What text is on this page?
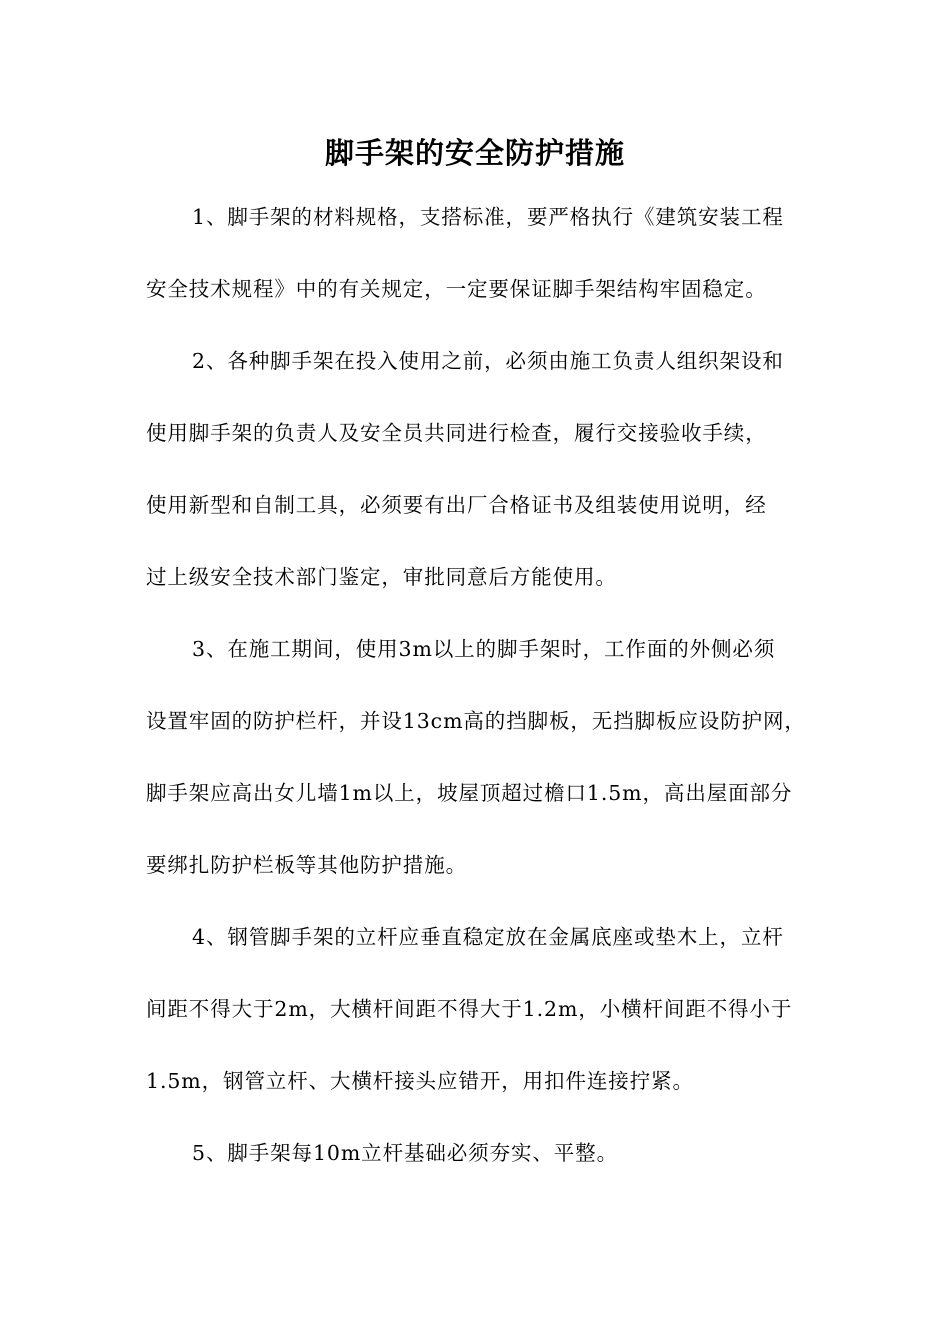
脚手架的安全防护措施
1、脚手架的材料规格，支搭标准，要严格执行《建筑安装工程
安全技术规程》中的有关规定，一定要保证脚手架结构牢固稳定。
2、各种脚手架在投入使用之前，必须由施工负责人组织架设和
使用脚手架的负责人及安全员共同进行检查，履行交接验收手续，
使用新型和自制工具，必须要有出厂合格证书及组装使用说明，经
过上级安全技术部门鉴定，审批同意后方能使用。
3、在施工期间，使用3m以上的脚手架时，工作面的外侧必须
设置牢固的防护栏杆，并设13cm高的挡脚板，无挡脚板应设防护网，
脚手架应高出女儿墙1m以上，坡屋顶超过檐口1.5m，高出屋面部分
要绑扎防护栏板等其他防护措施。
4、钢管脚手架的立杆应垂直稳定放在金属底座或垫木上，立杆
间距不得大于2m，大横杆间距不得大于1.2m，小横杆间距不得小于
1.5m，钢管立杆、大横杆接头应错开，用扣件连接拧紧。
5、脚手架每10m立杆基础必须夯实、平整。
